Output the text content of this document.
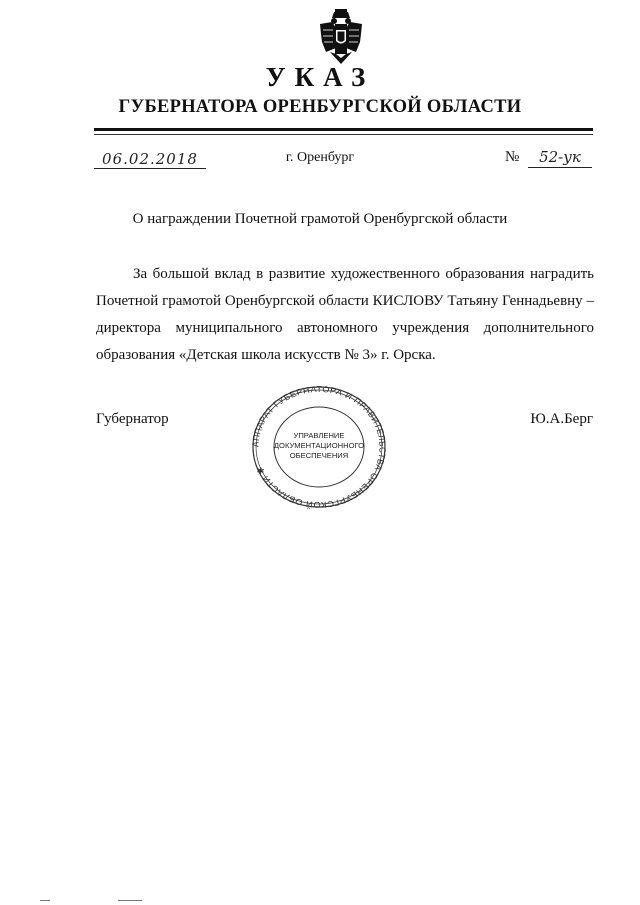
УКАЗ
ГУБЕРНАТОРА ОРЕНБУРГСКОЙ ОБЛАСТИ
06.02.2018	г. Оренбург	№	52-ук
О награждении Почетной грамотой Оренбургской области
За большой вклад в развитие художественного образования наградить
Почетной грамотой Оренбургской области КИСЛОВУ Татьяну Геннадьевну –
директора муниципального автономного учреждения дополнительного
образования «Детская школа искусств № 3» г. Орска.
Губернатор	Ю.А.Берг
АППАРАТ ГУБЕРНАТОРА И ПРАВИТЕЛЬСТВА ОРЕНБУРГСКОЙ ОБЛАСТИ ✱
УПРАВЛЕНИЕ
ДОКУМЕНТАЦИОННОГО
ОБЕСПЕЧЕНИЯ
